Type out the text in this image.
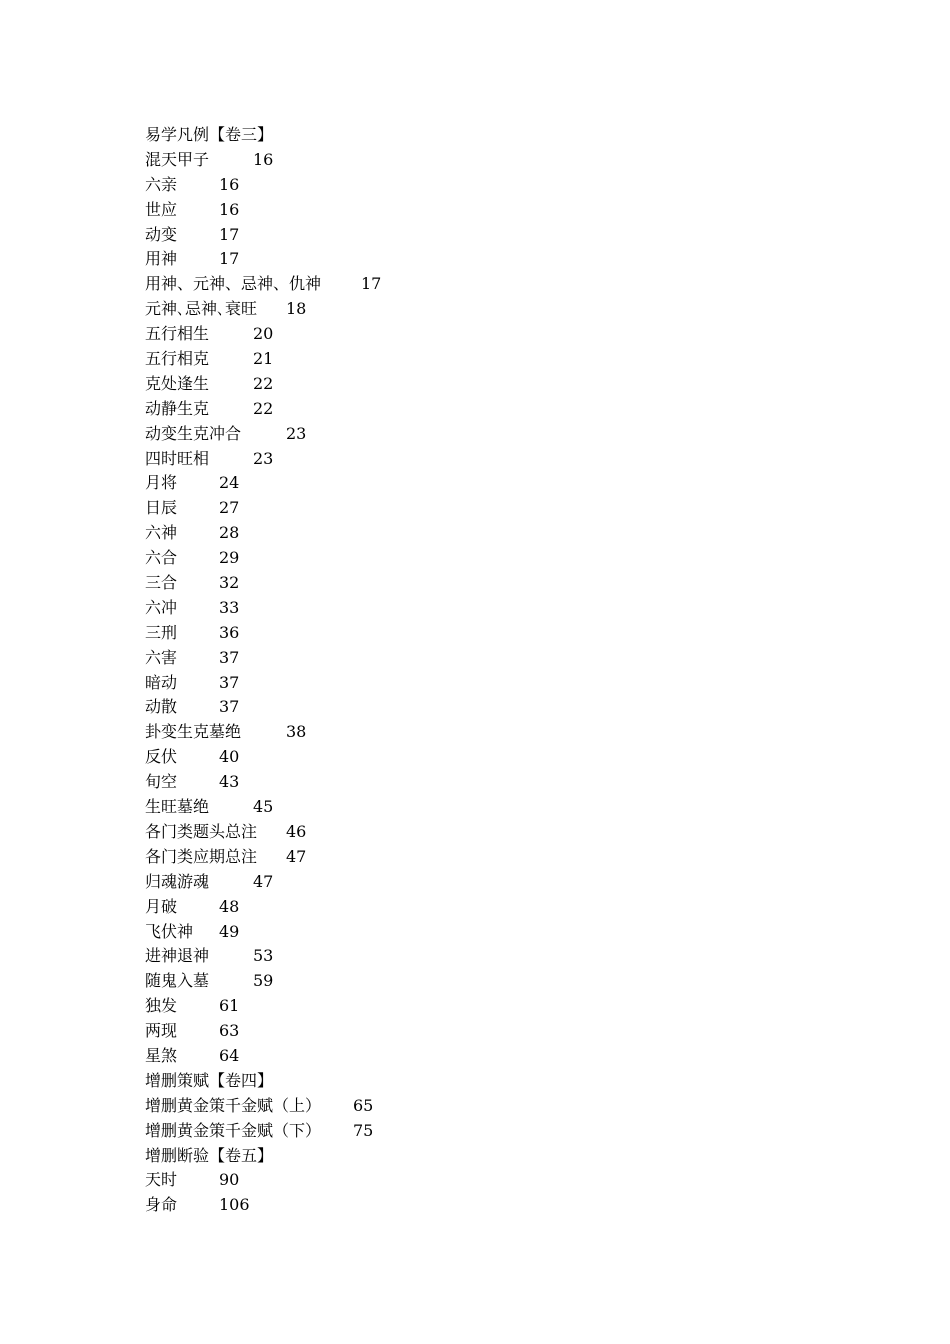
易学凡例【卷三】
混天甲子	16
六亲	16
世应	16
动变	17
用神	17
用神、元神、忌神、仇神 17
元神､忌神､衰旺 18
五行相生	20
五行相克	21
克处逢生	22
动静生克	22
动变生克冲合	23
四时旺相	23
月将	24
日辰	27
六神	28
六合	29
三合	32
六冲	33
三刑	36
六害	37
暗动	37
动散	37
卦变生克墓绝	38
反伏	40
旬空	43
生旺墓绝	45
各门类题头总注 46
各门类应期总注 47
归魂游魂	47
月破	48
飞伏神 49
进神退神	53
随鬼入墓	59
独发	61
两现	63
星煞	64
增删策赋【卷四】
增删黄金策千金赋（上） 65
增删黄金策千金赋（下） 75
增删断验【卷五】
天时	90
身命	106
